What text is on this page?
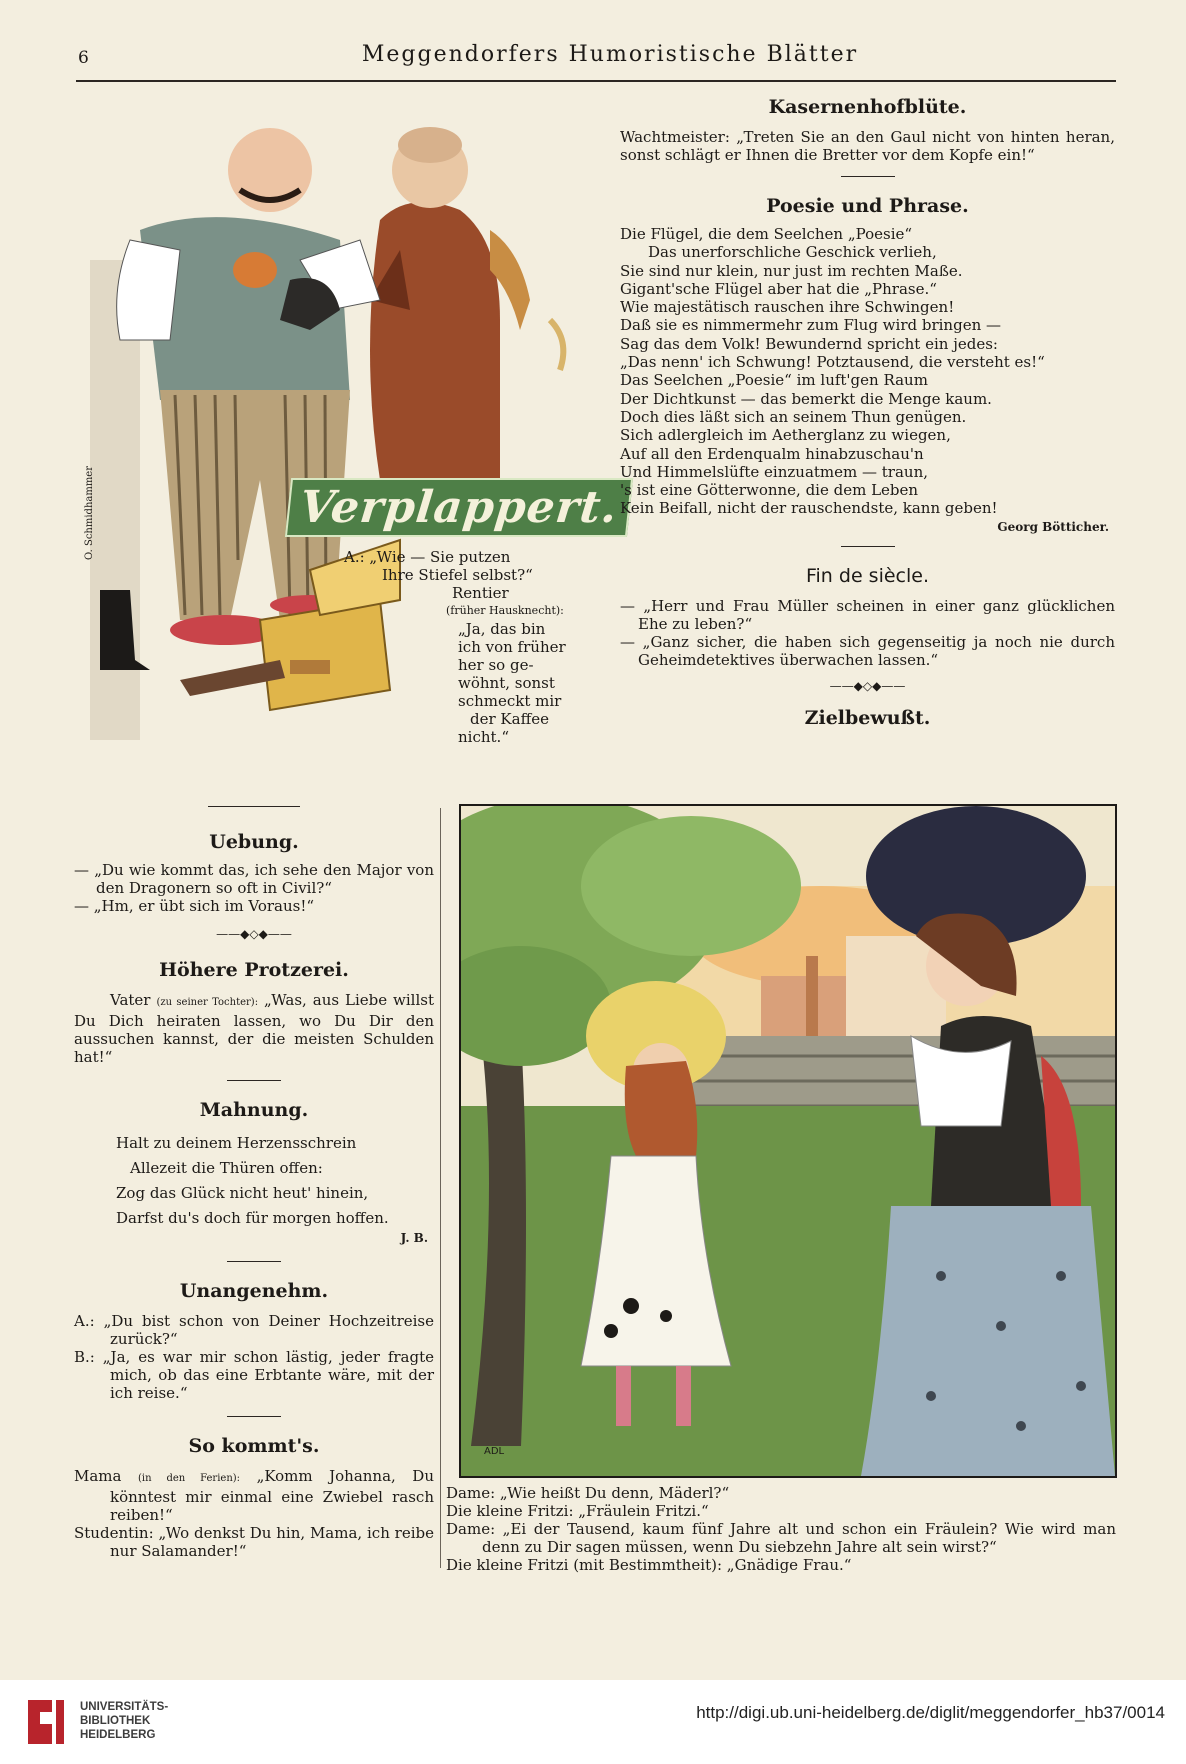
6	Meggendorfers Humoristische Blätter
O. Schmidhammer	Verplappert.

A.: „Wie — Sie putzen

Ihre Stiefel selbst?“

Rentier

(früher Hausknecht):

„Ja, das bin

ich von früher

her so ge-

wöhnt, sonst

schmeckt mir

der Kaffee

nicht.“

Kasernenhofblüte.

Wachtmeister: „Treten Sie an den Gaul nicht von hinten heran, sonst schlägt er Ihnen die Bretter vor dem Kopfe ein!“

Poesie und Phrase.

Die Flügel, die dem Seelchen „Poesie“

Das unerforschliche Geschick verlieh,

Sie sind nur klein, nur just im rechten Maße.

Gigant'sche Flügel aber hat die „Phrase.“

Wie majestätisch rauschen ihre Schwingen!

Daß sie es nimmermehr zum Flug wird bringen —

Sag das dem Volk! Bewundernd spricht ein jedes:

„Das nenn' ich Schwung! Potztausend, die versteht es!“

Das Seelchen „Poesie“ im luft'gen Raum

Der Dichtkunst — das bemerkt die Menge kaum.

Doch dies läßt sich an seinem Thun genügen.

Sich adlergleich im Aetherglanz zu wiegen,

Auf all den Erdenqualm hinabzuschau'n

Und Himmelslüfte einzuatmem — traun,

's ist eine Götterwonne, die dem Leben

Kein Beifall, nicht der rauschendste, kann geben!

Georg Bötticher.

Fin de siècle.

— „Herr und Frau Müller scheinen in einer ganz glücklichen Ehe zu leben?“

— „Ganz sicher, die haben sich gegenseitig ja noch nie durch Geheimdetektives überwachen lassen.“

——◆◇◆——
Zielbewußt.
ADL

Dame: „Wie heißt Du denn, Mäderl?“

Die kleine Fritzi: „Fräulein Fritzi.“

Dame: „Ei der Tausend, kaum fünf Jahre alt und schon ein Fräulein? Wie wird man denn zu Dir sagen müssen, wenn Du siebzehn Jahre alt sein wirst?“

Die kleine Fritzi (mit Bestimmtheit): „Gnädige Frau.“

Uebung.

— „Du wie kommt das, ich sehe den Major von den Dragonern so oft in Civil?“

— „Hm, er übt sich im Voraus!“

——◆◇◆——
Höhere Protzerei.

Vater (zu seiner Tochter): „Was, aus Liebe willst Du Dich heiraten lassen, wo Du Dir den aussuchen kannst, der die meisten Schulden hat!“

Mahnung.

Halt zu deinem Herzensschrein

Allezeit die Thüren offen:

Zog das Glück nicht heut' hinein,

Darfst du's doch für morgen hoffen.

J. B.

Unangenehm.

A.: „Du bist schon von Deiner Hochzeitreise zurück?“

B.: „Ja, es war mir schon lästig, jeder fragte mich, ob das eine Erbtante wäre, mit der ich reise.“

So kommt's.

Mama (in den Ferien): „Komm Johanna, Du könntest mir einmal eine Zwiebel rasch reiben!“

Studentin: „Wo denkst Du hin, Mama, ich reibe nur Salamander!“

UNIVERSITÄTS-
BIBLIOTHEK
HEIDELBERG
http://digi.ub.uni-heidelberg.de/diglit/meggendorfer_hb37/0014
